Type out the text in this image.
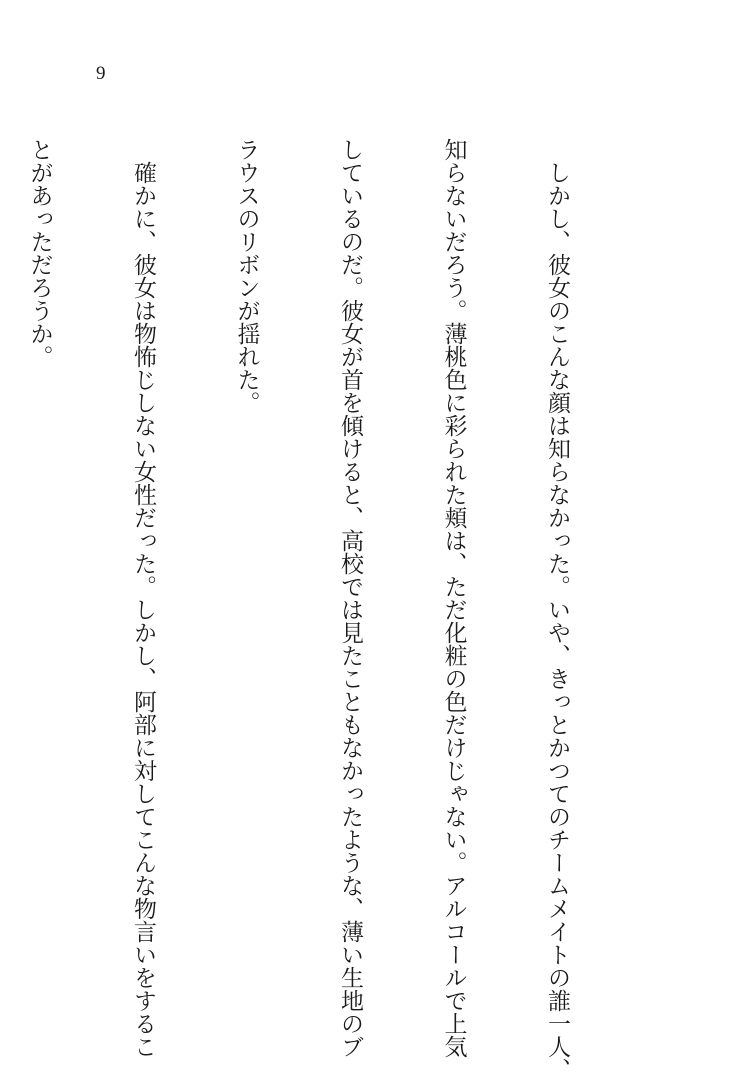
9

　しかし、彼女のこんな顔は知らなかった。いや、きっとかつてのチームメイトの誰一人、

知らないだろう。薄桃色に彩られた頬は、ただ化粧の色だけじゃない。アルコールで上気

しているのだ。彼女が首を傾けると、高校では見たこともなかったような、薄い生地のブ

ラウスのリボンが揺れた。

　確かに、彼女は物怖じしない女性だった。しかし、阿部に対してこんな物言いをするこ

とがあっただろうか。
